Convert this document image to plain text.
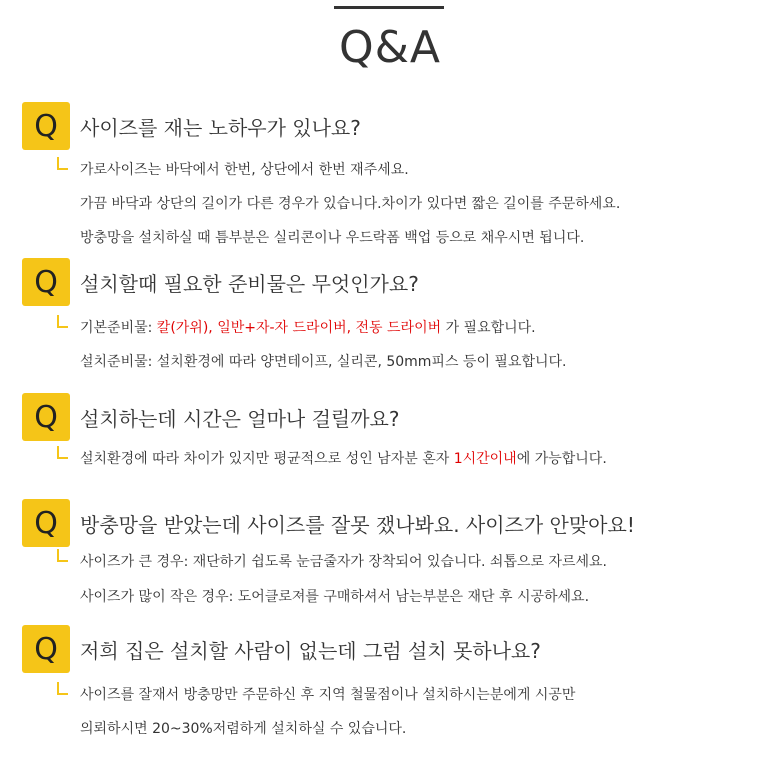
Q&A
Q	사이즈를 재는 노하우가 있나요?
가로사이즈는 바닥에서 한번, 상단에서 한번 재주세요.
가끔 바닥과 상단의 길이가 다른 경우가 있습니다.차이가 있다면 짧은 길이를 주문하세요.
방충망을 설치하실 때 틈부분은 실리콘이나 우드락폼 백업 등으로 채우시면 됩니다.
Q	설치할때 필요한 준비물은 무엇인가요?
기본준비물: 칼(가위), 일반+자-자 드라이버, 전동 드라이버 가 필요합니다.
설치준비물: 설치환경에 따라 양면테이프, 실리콘, 50mm피스 등이 필요합니다.
Q	설치하는데 시간은 얼마나 걸릴까요?
설치환경에 따라 차이가 있지만 평균적으로 성인 남자분 혼자 1시간이내에 가능합니다.
Q	방충망을 받았는데 사이즈를 잘못 쟀나봐요. 사이즈가 안맞아요!
사이즈가 큰 경우: 재단하기 쉽도록 눈금줄자가 장착되어 있습니다. 쇠톱으로 자르세요.
사이즈가 많이 작은 경우: 도어클로져를 구매하셔서 남는부분은 재단 후 시공하세요.
Q	저희 집은 설치할 사람이 없는데 그럼 설치 못하나요?
사이즈를 잘재서 방충망만 주문하신 후 지역 철물점이나 설치하시는분에게 시공만
의뢰하시면 20~30%저렴하게 설치하실 수 있습니다.
